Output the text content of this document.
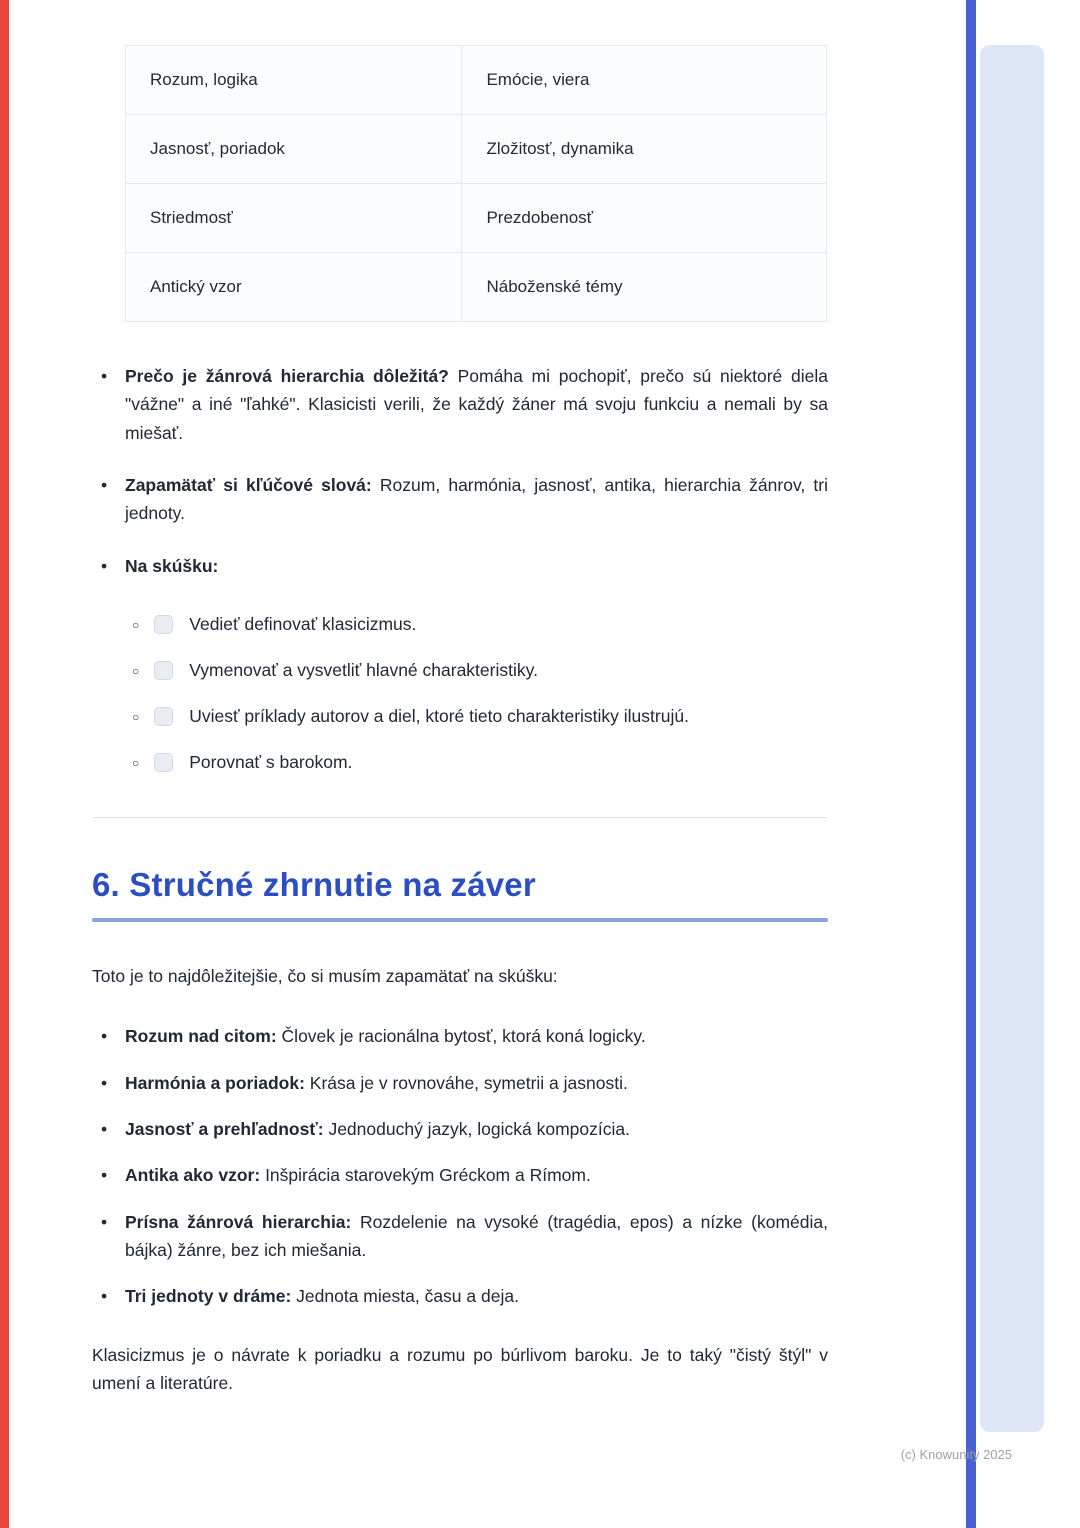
Rozum, logika	Emócie, viera
Jasnosť, poriadok	Zložitosť, dynamika
Striedmosť	Prezdobenosť
Antický vzor	Náboženské témy
• Prečo je žánrová hierarchia dôležitá? Pomáha mi pochopiť, prečo sú niektoré diela "vážne" a iné "ľahké". Klasicisti verili, že každý žáner má svoju funkciu a nemali by sa miešať.
• Zapamätať si kľúčové slová: Rozum, harmónia, jasnosť, antika, hierarchia žánrov, tri jednoty.
• Na skúšku:
○	Vedieť definovať klasicizmus.
○	Vymenovať a vysvetliť hlavné charakteristiky.
○	Uviesť príklady autorov a diel, ktoré tieto charakteristiky ilustrujú.
○	Porovnať s barokom.
6. Stručné zhrnutie na záver

Toto je to najdôležitejšie, čo si musím zapamätať na skúšku:

• Rozum nad citom: Človek je racionálna bytosť, ktorá koná logicky.
• Harmónia a poriadok: Krása je v rovnováhe, symetrii a jasnosti.
• Jasnosť a prehľadnosť: Jednoduchý jazyk, logická kompozícia.
• Antika ako vzor: Inšpirácia starovekým Gréckom a Rímom.
• Prísna žánrová hierarchia: Rozdelenie na vysoké (tragédia, epos) a nízke (komédia, bájka) žánre, bez ich miešania.
• Tri jednoty v dráme: Jednota miesta, času a deja.

Klasicizmus je o návrate k poriadku a rozumu po búrlivom baroku. Je to taký "čistý štýl" v umení a literatúre.

(c) Knowunity 2025
